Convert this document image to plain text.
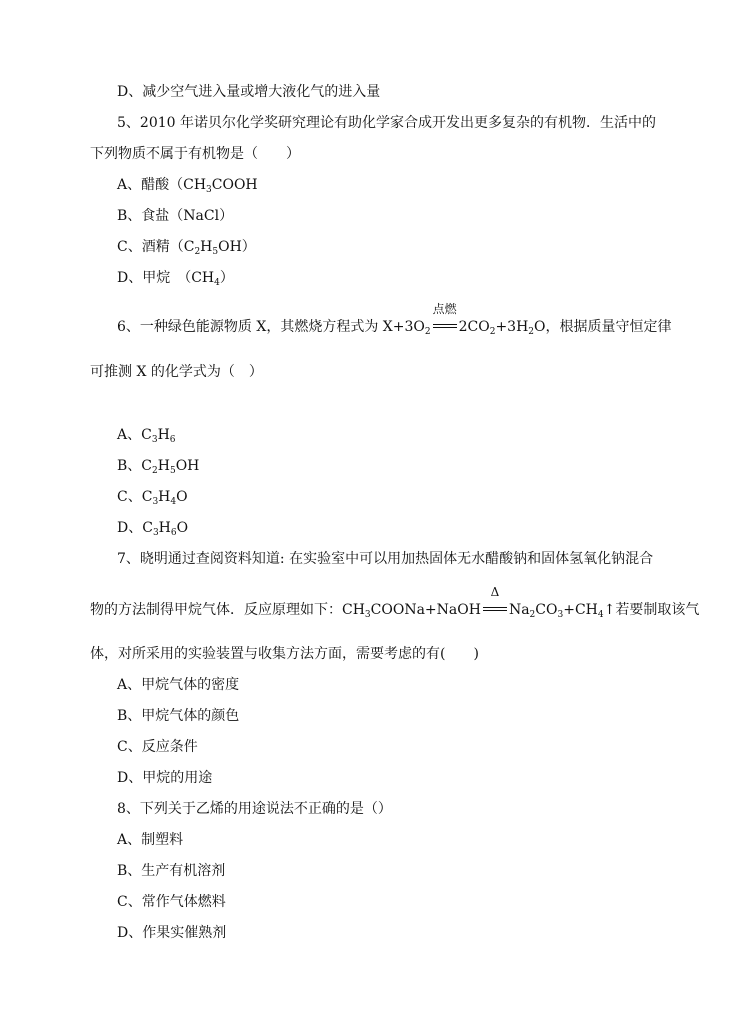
D、减少空气进入量或增大液化气的进入量
5、2010 年诺贝尔化学奖研究理论有助化学家合成开发出更多复杂的有机物．生活中的
下列物质不属于有机物是（　　）
A、醋酸（$CH_3COOH$
B、食盐（NaCl）
C、酒精$(C_2H_5OH)$
D、甲烷　$(CH_4)$
6、一种绿色能源物质 X，其燃烧方程式为 $X+3O_2$
点燃
$2CO_2+3H_2O$，根据质量守恒定律
可推测 X 的化学式为（　）
A、$C_3H_6$
B、$C_2H_5OH$
C、$C_3H_4O$
D、$C_3H_6O$
7、晓明通过查阅资料知道: 在实验室中可以用加热固体无水醋酸钠和固体氢氧化钠混合
物的方法制得甲烷气体．反应原理如下：$CH_3COONa+NaOH$
Δ
$Na_2CO_3+CH_4↑$若要制取该气
体，对所采用的实验装置与收集方法方面，需要考虑的有(　　)
A、甲烷气体的密度
B、甲烷气体的颜色
C、反应条件
D、甲烷的用途
8、下列关于乙烯的用途说法不正确的是（）
A、制塑料
B、生产有机溶剂
C、常作气体燃料
D、作果实催熟剂
